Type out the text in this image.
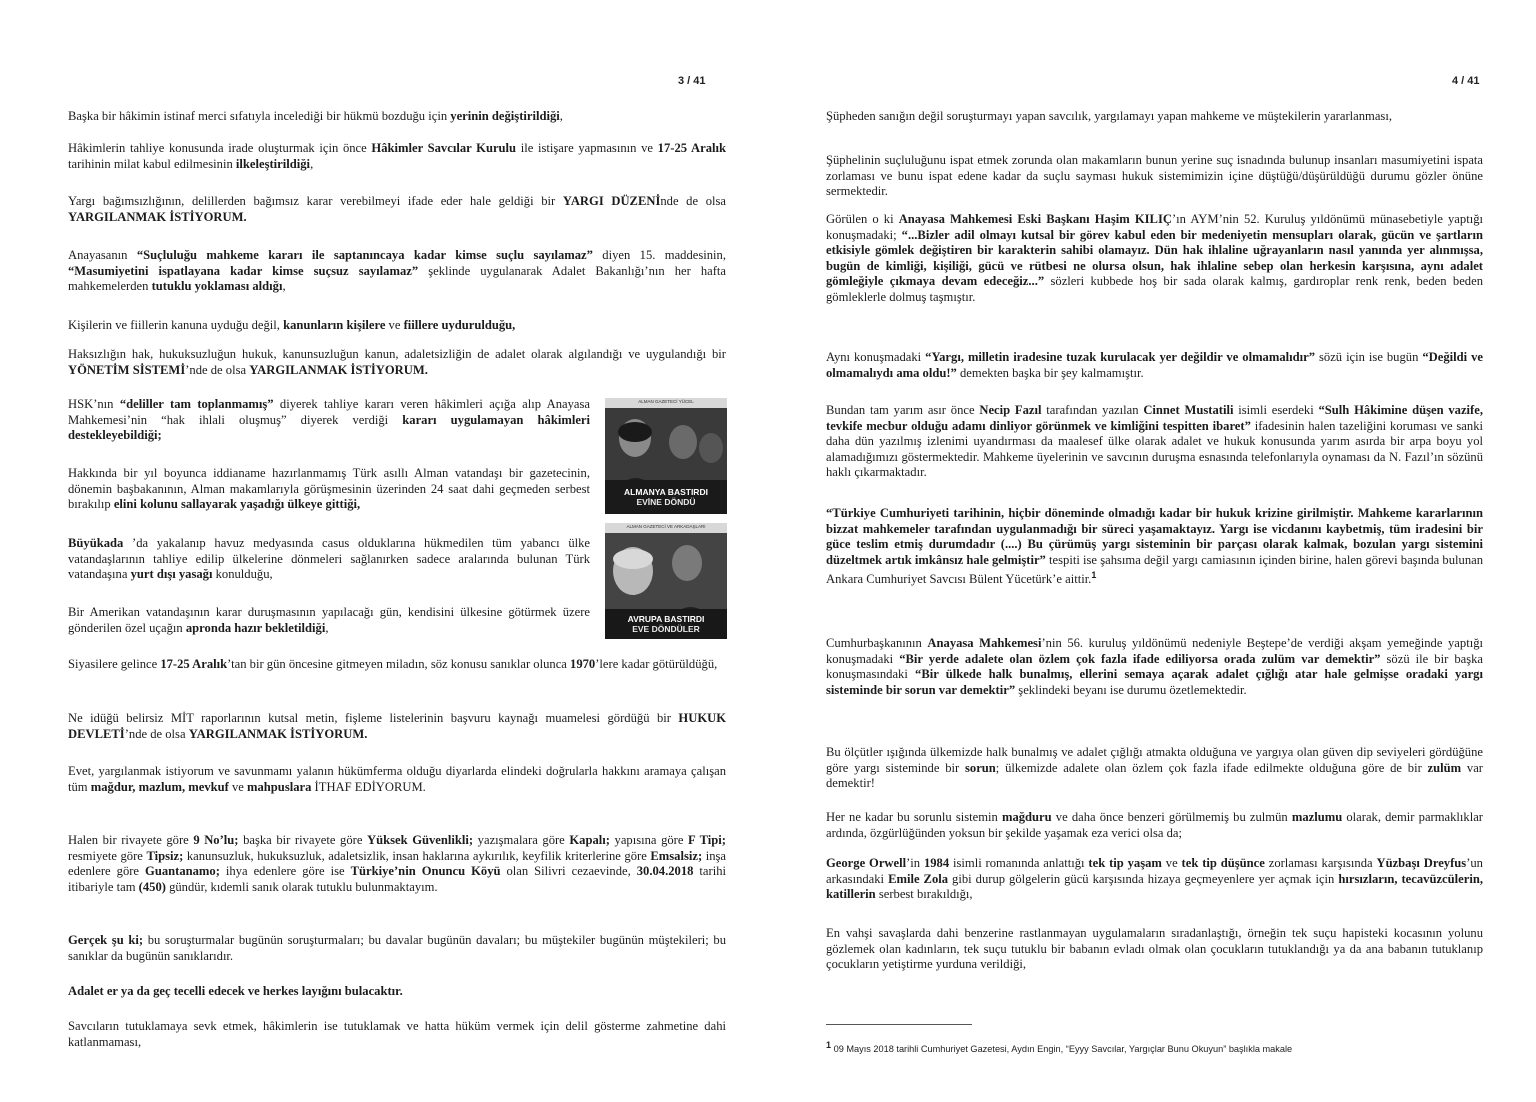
3 / 41

Başka bir hâkimin istinaf merci sıfatıyla incelediği bir hükmü bozduğu için yerinin değiştirildiği,

Hâkimlerin tahliye konusunda irade oluşturmak için önce Hâkimler Savcılar Kurulu ile istişare yapmasının ve 17-25 Aralık tarihinin milat kabul edilmesinin ilkeleştirildiği,

Yargı bağımsızlığının, delillerden bağımsız karar verebilmeyi ifade eder hale geldiği bir YARGI DÜZENİnde de olsa YARGILANMAK İSTİYORUM.

Anayasanın “Suçluluğu mahkeme kararı ile saptanıncaya kadar kimse suçlu sayılamaz” diyen 15. maddesinin, “Masumiyetini ispatlayana kadar kimse suçsuz sayılamaz” şeklinde uygulanarak Adalet Bakanlığı’nın her hafta mahkemelerden tutuklu yoklaması aldığı,

Kişilerin ve fiillerin kanuna uyduğu değil, kanunların kişilere ve fiillere uydurulduğu,

Haksızlığın hak, hukuksuzluğun hukuk, kanunsuzluğun kanun, adaletsizliğin de adalet olarak algılandığı ve uygulandığı bir YÖNETİM SİSTEMİ’nde de olsa YARGILANMAK İSTİYORUM.

HSK’nın “deliller tam toplanmamış” diyerek tahliye kararı veren hâkimleri açığa alıp Anayasa Mahkemesi’nin “hak ihlali oluşmuş” diyerek verdiği kararı uygulamayan hâkimleri destekleyebildiği;

Hakkında bir yıl boyunca iddianame hazırlanmamış Türk asıllı Alman vatandaşı bir gazetecinin, dönemin başbakanının, Alman makamlarıyla görüşmesinin üzerinden 24 saat dahi geçmeden serbest bırakılıp elini kolunu sallayarak yaşadığı ülkeye gittiği,

Büyükada ’da yakalanıp havuz medyasında casus olduklarına hükmedilen tüm yabancı ülke vatandaşlarının tahliye edilip ülkelerine dönmeleri sağlanırken sadece aralarında bulunan Türk vatandaşına yurt dışı yasağı konulduğu,

Bir Amerikan vatandaşının karar duruşmasının yapılacağı gün, kendisini ülkesine götürmek üzere gönderilen özel uçağın apronda hazır bekletildiği,

Siyasilere gelince 17-25 Aralık’tan bir gün öncesine gitmeyen miladın, söz konusu sanıklar olunca 1970’lere kadar götürüldüğü,

Ne idüğü belirsiz MİT raporlarının kutsal metin, fişleme listelerinin başvuru kaynağı muamelesi gördüğü bir HUKUK DEVLETİ’nde de olsa YARGILANMAK İSTİYORUM.

Evet, yargılanmak istiyorum ve savunmamı yalanın hükümferma olduğu diyarlarda elindeki doğrularla hakkını aramaya çalışan tüm mağdur, mazlum, mevkuf ve mahpuslara İTHAF EDİYORUM.

Halen bir rivayete göre 9 No’lu; başka bir rivayete göre Yüksek Güvenlikli; yazışmalara göre Kapalı; yapısına göre F Tipi; resmiyete göre Tipsiz; kanunsuzluk, hukuksuzluk, adaletsizlik, insan haklarına aykırılık, keyfilik kriterlerine göre Emsalsiz; inşa edenlere göre Guantanamo; ihya edenlere göre ise Türkiye’nin Onuncu Köyü olan Silivri cezaevinde, 30.04.2018 tarihi itibariyle tam (450) gündür, kıdemli sanık olarak tutuklu bulunmaktayım.

Gerçek şu ki; bu soruşturmalar bugünün soruşturmaları; bu davalar bugünün davaları; bu müştekiler bugünün müştekileri; bu sanıklar da bugünün sanıklarıdır.

Adalet er ya da geç tecelli edecek ve herkes layığını bulacaktır.

Savcıların tutuklamaya sevk etmek, hâkimlerin ise tutuklamak ve hatta hüküm vermek için delil gösterme zahmetine dahi katlanmaması,

ALMAN GAZETECİ YÜCEL
ALMANYA BASTIRDI
EVİNE DÖNDÜ
ALMAN GAZETECİ VE ARKADAŞLARI
AVRUPA BASTIRDI
EVE DÖNDÜLER
4 / 41

Şüpheden sanığın değil soruşturmayı yapan savcılık, yargılamayı yapan mahkeme ve müştekilerin yararlanması,

Şüphelinin suçluluğunu ispat etmek zorunda olan makamların bunun yerine suç isnadında bulunup insanları masumiyetini ispata zorlaması ve bunu ispat edene kadar da suçlu sayması hukuk sistemimizin içine düştüğü/düşürüldüğü durumu gözler önüne sermektedir.

Görülen o ki Anayasa Mahkemesi Eski Başkanı Haşim KILIÇ’ın AYM’nin 52. Kuruluş yıldönümü münasebetiyle yaptığı konuşmadaki; “...Bizler adil olmayı kutsal bir görev kabul eden bir medeniyetin mensupları olarak, gücün ve şartların etkisiyle gömlek değiştiren bir karakterin sahibi olamayız. Dün hak ihlaline uğrayanların nasıl yanında yer alınmışsa, bugün de kimliği, kişiliği, gücü ve rütbesi ne olursa olsun, hak ihlaline sebep olan herkesin karşısına, aynı adalet gömleğiyle çıkmaya devam edeceğiz...” sözleri kubbede hoş bir sada olarak kalmış, gardıroplar renk renk, beden beden gömleklerle dolmuş taşmıştır.

Aynı konuşmadaki “Yargı, milletin iradesine tuzak kurulacak yer değildir ve olmamalıdır” sözü için ise bugün “Değildi ve olmamalıydı ama oldu!” demekten başka bir şey kalmamıştır.

Bundan tam yarım asır önce Necip Fazıl tarafından yazılan Cinnet Mustatili isimli eserdeki “Sulh Hâkimine düşen vazife, tevkife mecbur olduğu adamı dinliyor görünmek ve kimliğini tespitten ibaret” ifadesinin halen tazeliğini koruması ve sanki daha dün yazılmış izlenimi uyandırması da maalesef ülke olarak adalet ve hukuk konusunda yarım asırda bir arpa boyu yol alamadığımızı göstermektedir. Mahkeme üyelerinin ve savcının duruşma esnasında telefonlarıyla oynaması da N. Fazıl’ın sözünü haklı çıkarmaktadır.

“Türkiye Cumhuriyeti tarihinin, hiçbir döneminde olmadığı kadar bir hukuk krizine girilmiştir. Mahkeme kararlarının bizzat mahkemeler tarafından uygulanmadığı bir süreci yaşamaktayız. Yargı ise vicdanını kaybetmiş, tüm iradesini bir güce teslim etmiş durumdadır (....) Bu çürümüş yargı sisteminin bir parçası olarak kalmak, bozulan yargı sistemini düzeltmek artık imkânsız hale gelmiştir” tespiti ise şahsıma değil yargı camiasının içinden birine, halen görevi başında bulunan Ankara Cumhuriyet Savcısı Bülent Yücetürk’e aittir.$^1$

Cumhurbaşkanının Anayasa Mahkemesi’nin 56. kuruluş yıldönümü nedeniyle Beştepe’de verdiği akşam yemeğinde yaptığı konuşmadaki “Bir yerde adalete olan özlem çok fazla ifade ediliyorsa orada zulüm var demektir” sözü ile bir başka konuşmasındaki “Bir ülkede halk bunalmış, ellerini semaya açarak adalet çığlığı atar hale gelmişse oradaki yargı sisteminde bir sorun var demektir” şeklindeki beyanı ise durumu özetlemektedir.

Bu ölçütler ışığında ülkemizde halk bunalmış ve adalet çığlığı atmakta olduğuna ve yargıya olan güven dip seviyeleri gördüğüne göre yargı sisteminde bir sorun; ülkemizde adalete olan özlem çok fazla ifade edilmekte olduğuna göre de bir zulüm var demektir!

Her ne kadar bu sorunlu sistemin mağduru ve daha önce benzeri görülmemiş bu zulmün mazlumu olarak, demir parmaklıklar ardında, özgürlüğünden yoksun bir şekilde yaşamak eza verici olsa da;

George Orwell’in 1984 isimli romanında anlattığı tek tip yaşam ve tek tip düşünce zorlaması karşısında Yüzbaşı Dreyfus’un arkasındaki Emile Zola gibi durup gölgelerin gücü karşısında hizaya geçmeyenlere yer açmak için hırsızların, tecavüzcülerin, katillerin serbest bırakıldığı,

En vahşi savaşlarda dahi benzerine rastlanmayan uygulamaların sıradanlaştığı, örneğin tek suçu hapisteki kocasının yolunu gözlemek olan kadınların, tek suçu tutuklu bir babanın evladı olmak olan çocukların tutuklandığı ya da ana babanın tutuklanıp çocukların yetiştirme yurduna verildiği,

$^1$ 09 Mayıs 2018 tarihli Cumhuriyet Gazetesi, Aydın Engin, “Eyyy Savcılar, Yargıçlar Bunu Okuyun” başlıkla makale
